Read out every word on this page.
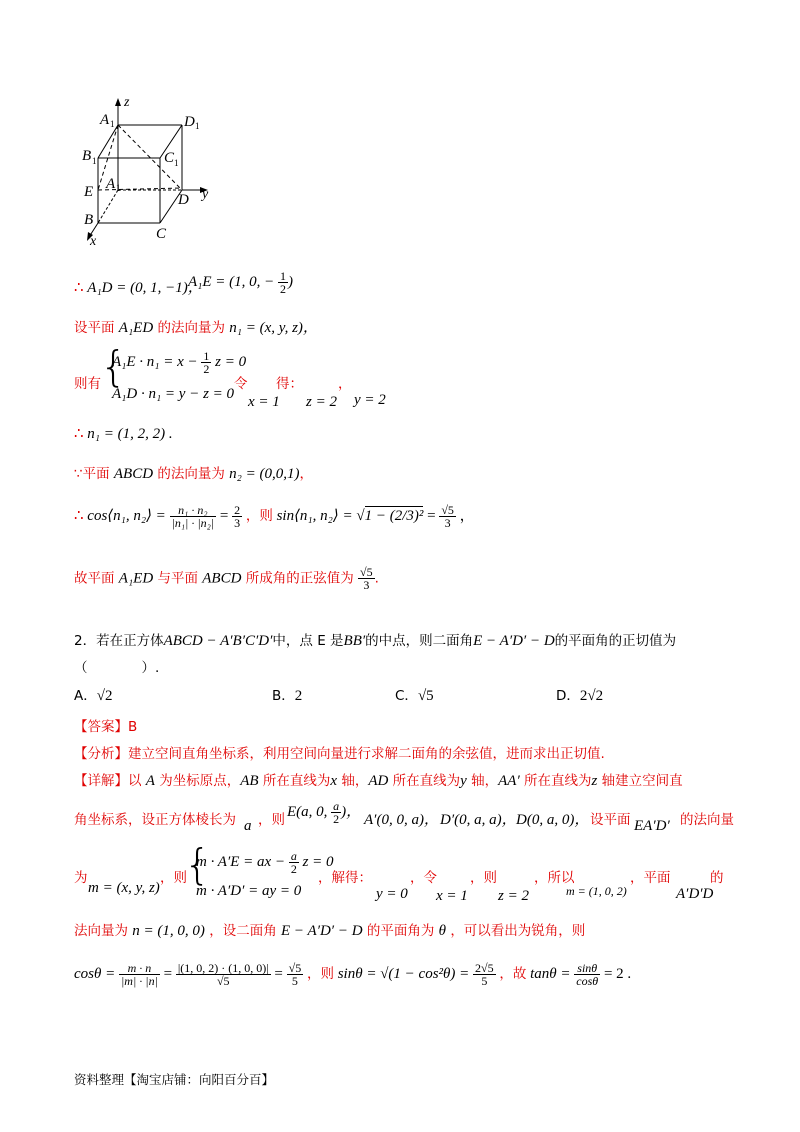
A 1	D 1
B 1	C 1
E A 1
D y
z
B
C
x
∴ A₁D = (0, 1, −1)，
A₁E = (1, 0, − $\frac{1}{2}$ )
设平面 A₁ED 的法向量为 n₁ = (x, y, z)，
则有 {
$A_1E \cdot n_1 = x - \frac{1}{2}$ z = 0
A₁D · n₁ = y − z = 0
令 得：	，
x = 1 z = 2 y = 2
∴ n₁ = (1, 2, 2) .
∵平面 ABCD 的法向量为 n₂ = (0,0,1)，
∴ cos⟨n₁, n₂⟩ = $\frac{\text{n₁ · n₂}}{\text{|n₁| · |n₂|}} = \frac{2}{3}$ ，则 sin⟨n₁, n₂⟩ = $√1 - (2/3)^2 = \frac{√5}{3}$ ，
故平面 A₁ED 与平面 ABCD 所成角的正弦值为 $\frac{√5}{3}$ .
2．若在正方体ABCD − A′B′C′D′中，点 E 是BB′的中点，则二面角E − A′D′ − D的平面角的正切值为
（　　　　）.
A．√2	B．2	C．√5	D．2√2
【答案】B
【分析】建立空间直角坐标系，利用空间向量进行求解二面角的余弦值，进而求出正切值.
【详解】以 A 为坐标原点，AB 所在直线为x 轴，AD 所在直线为y 轴，AA′ 所在直线为z 轴建立空间直
角坐标系，设正方体棱长为 a ，则 E(a, 0, $\frac{a}{2}$ )， A′(0, 0, a)， D′(0, a, a)， D(0, a, 0)， 设平面 EA′D′ 的法向量
为
m = (x, y, z)
，则
{
m · A′E = ax − $\frac{a}{2}$ z = 0
m · A′D′ = ay = 0
，解得：	，令 ，则	，所以	，平面	的
y = 0 x = 1 z = 2	m = (1, 0, 2)	A′D′D
法向量为 n = (1, 0, 0) ，设二面角 E − A′D′ − D 的平面角为 θ ，可以看出为锐角，则
$\cos\theta = \frac{m \cdot n}{|m| \cdot |n|} = \frac{|(1, 0, 2) \cdot (1, 0, 0)|}{√5} = \frac{√5}{5}$ ，则 $\sin\theta = √(1 - \cos^2\theta) = \frac{2√5}{5}$ ，故 $\tan\theta = \frac{\sin\theta}{\cos\theta} = 2$ .
资料整理【淘宝店铺：向阳百分百】
